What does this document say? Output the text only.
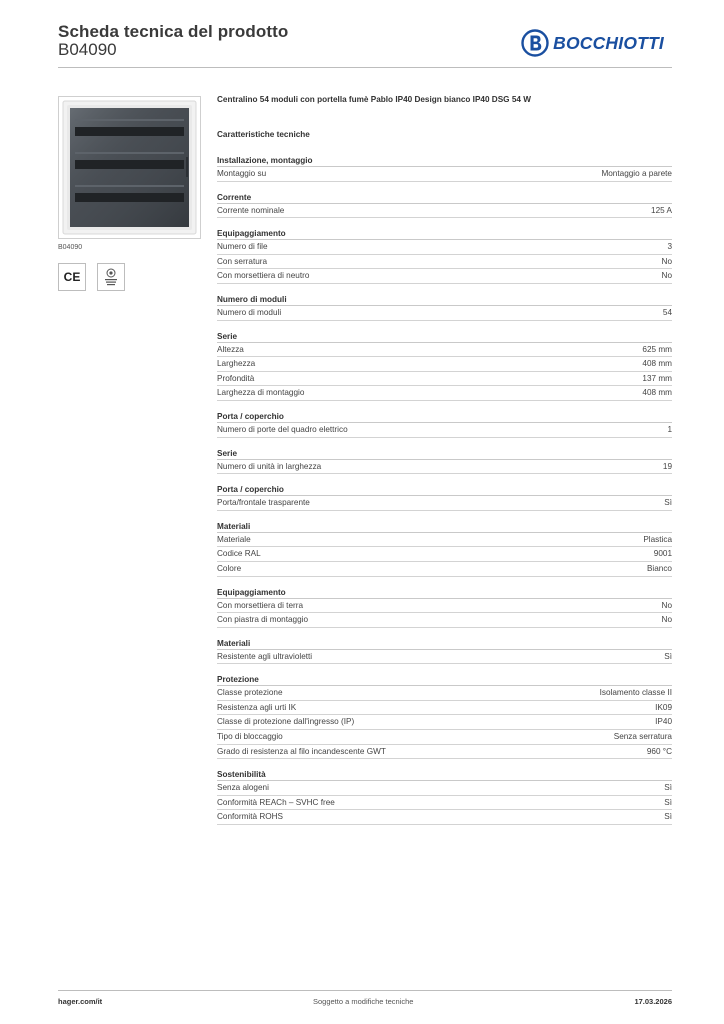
Scheda tecnica del prodotto
B04090	BOCCHIOTTI
B04090
CE
Centralino 54 moduli con portella fumè Pablo IP40 Design bianco IP40 DSG 54 W
Caratteristiche tecniche
Installazione, montaggio
Montaggio su	Montaggio a parete
Corrente
Corrente nominale	125 A
Equipaggiamento
Numero di file	3
Con serratura	No
Con morsettiera di neutro	No
Numero di moduli
Numero di moduli	54
Serie
Altezza	625 mm
Larghezza	408 mm
Profondità	137 mm
Larghezza di montaggio	408 mm
Porta / coperchio
Numero di porte del quadro elettrico	1
Serie
Numero di unità in larghezza	19
Porta / coperchio
Porta/frontale trasparente	Sì
Materiali
Materiale	Plastica
Codice RAL	9001
Colore	Bianco
Equipaggiamento
Con morsettiera di terra	No
Con piastra di montaggio	No
Materiali
Resistente agli ultravioletti	Sì
Protezione
Classe protezione	Isolamento classe II
Resistenza agli urti IK	IK09
Classe di protezione dall'ingresso (IP)	IP40
Tipo di bloccaggio	Senza serratura
Grado di resistenza al filo incandescente GWT	960 °C
Sostenibilità
Senza alogeni	Sì
Conformità REACh – SVHC free	Sì
Conformità ROHS	Sì
hager.com/it	Soggetto a modifiche tecniche	17.03.2026
